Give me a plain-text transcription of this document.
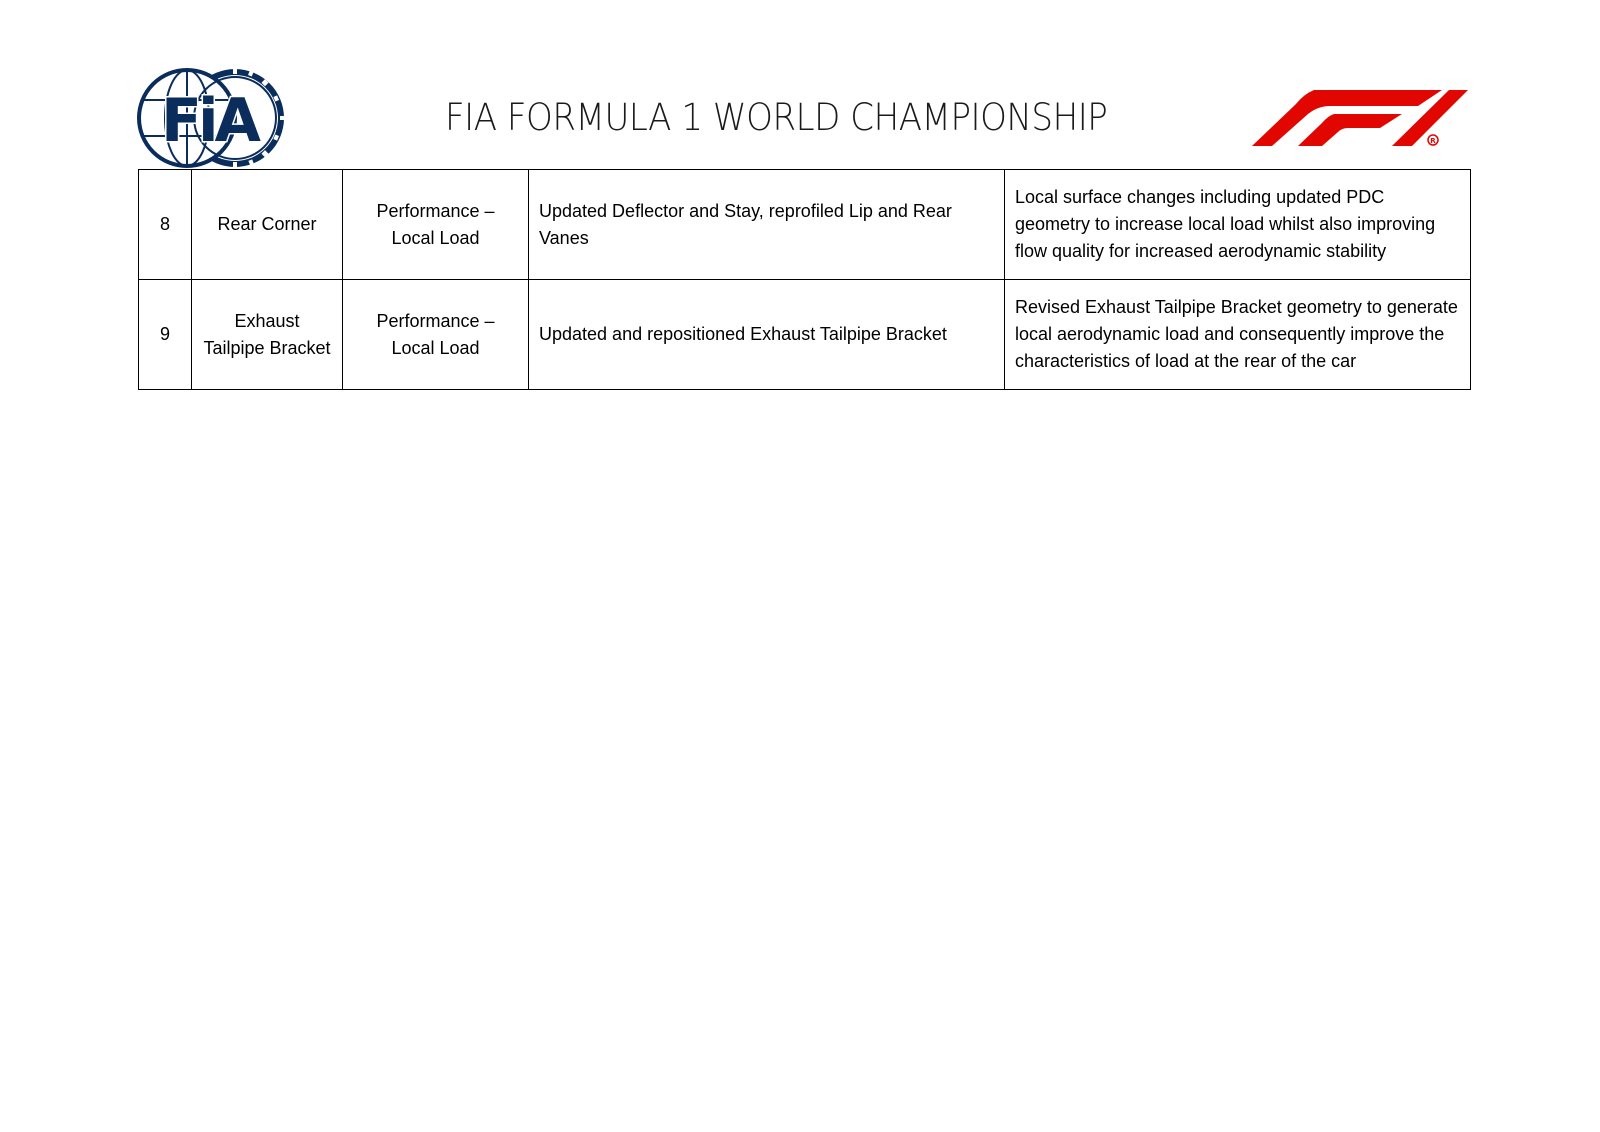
FiA	FIA FORMULA 1 WORLD CHAMPIONSHIP
R
8	Rear Corner	Performance – Local Load	Updated Deflector and Stay, reprofiled Lip and Rear Vanes	Local surface changes including updated PDC geometry to increase local load whilst also improving flow quality for increased aerodynamic stability
9	Exhaust Tailpipe Bracket	Performance – Local Load	Updated and repositioned Exhaust Tailpipe Bracket	Revised Exhaust Tailpipe Bracket geometry to generate local aerodynamic load and consequently improve the characteristics of load at the rear of the car
